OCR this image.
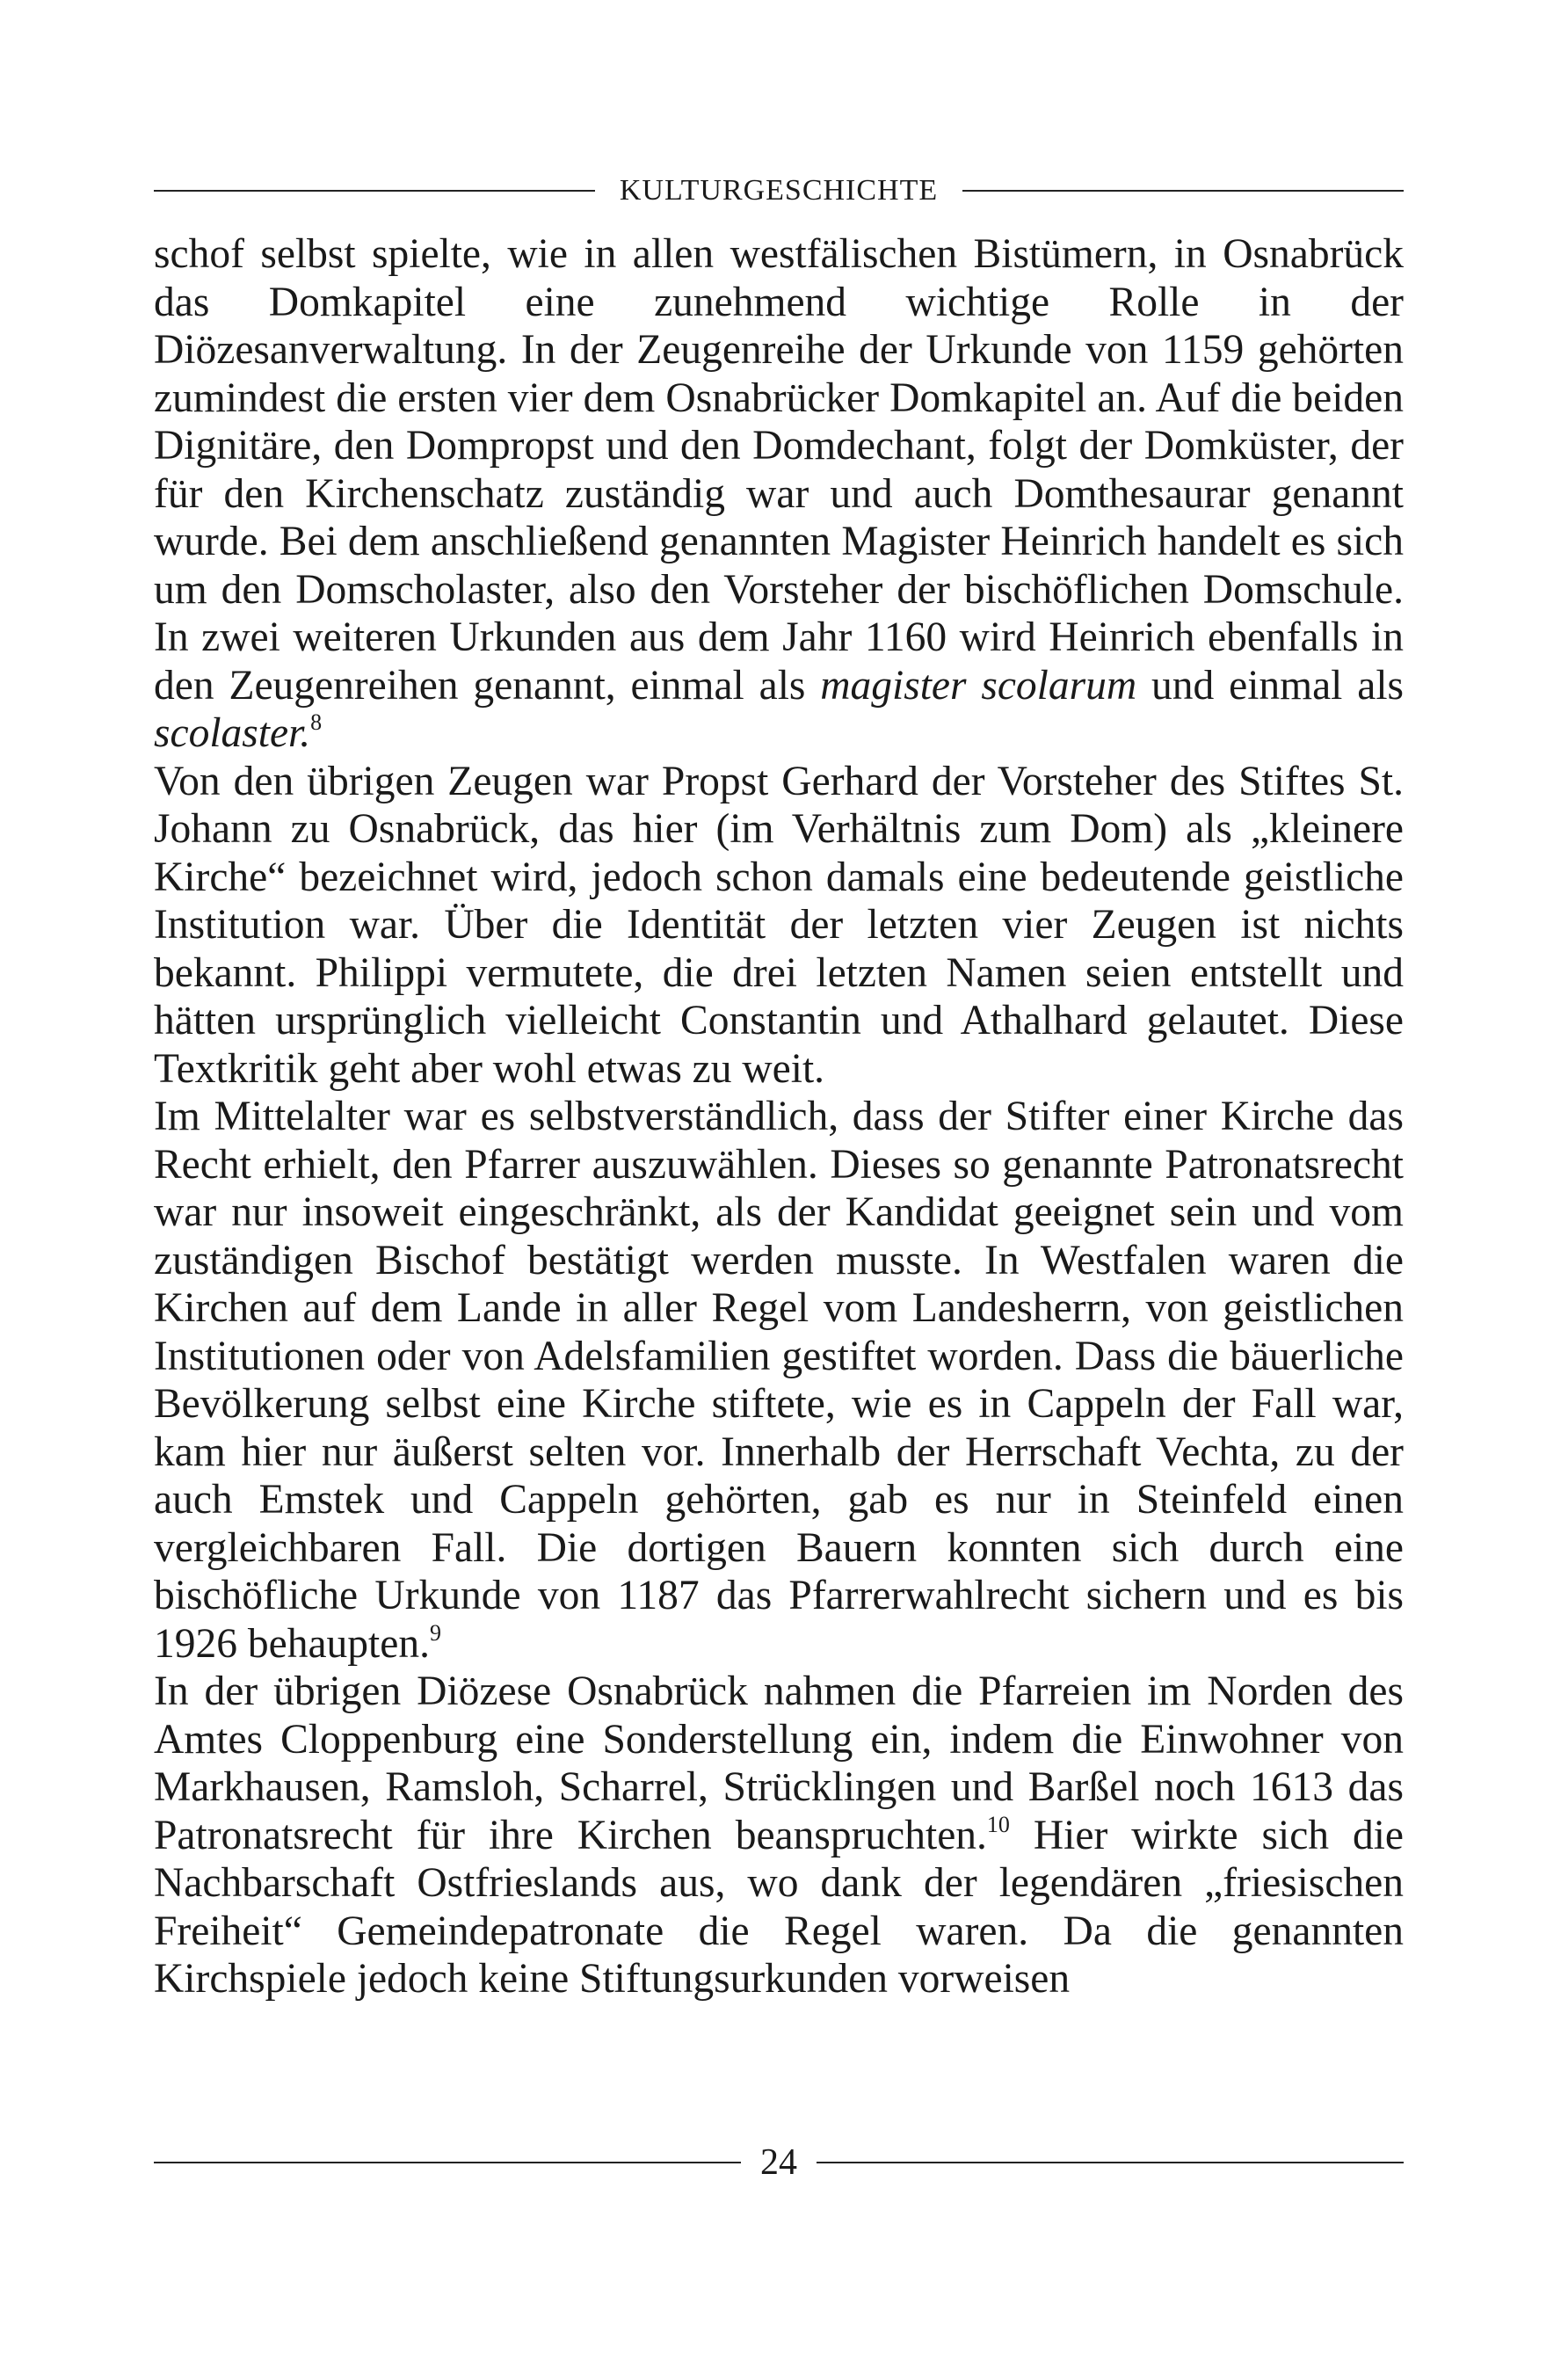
KULTURGESCHICHTE

schof selbst spielte, wie in allen westfälischen Bistümern, in Osnabrück das Domkapitel eine zunehmend wichtige Rolle in der Diözesanverwaltung. In der Zeugenreihe der Urkunde von 1159 gehörten zumindest die ersten vier dem Osnabrücker Domkapitel an. Auf die beiden Dignitäre, den Dompropst und den Domdechant, folgt der Domküster, der für den Kirchenschatz zuständig war und auch Domthesaurar genannt wurde. Bei dem anschließend genannten Magister Heinrich handelt es sich um den Domscholaster, also den Vorsteher der bischöflichen Domschule. In zwei weiteren Urkunden aus dem Jahr 1160 wird Heinrich ebenfalls in den Zeugenreihen genannt, einmal als magister scolarum und einmal als scolaster.$^8$

Von den übrigen Zeugen war Propst Gerhard der Vorsteher des Stiftes St. Johann zu Osnabrück, das hier (im Verhältnis zum Dom) als „kleinere Kirche“ bezeichnet wird, jedoch schon damals eine bedeutende geistliche Institution war. Über die Identität der letzten vier Zeugen ist nichts bekannt. Philippi vermutete, die drei letzten Namen seien entstellt und hätten ursprünglich vielleicht Constantin und Athalhard gelautet. Diese Textkritik geht aber wohl etwas zu weit.

Im Mittelalter war es selbstverständlich, dass der Stifter einer Kirche das Recht erhielt, den Pfarrer auszuwählen. Dieses so genannte Patronatsrecht war nur insoweit eingeschränkt, als der Kandidat geeignet sein und vom zuständigen Bischof bestätigt werden musste. In Westfalen waren die Kirchen auf dem Lande in aller Regel vom Landesherrn, von geistlichen Institutionen oder von Adelsfamilien gestiftet worden. Dass die bäuerliche Bevölkerung selbst eine Kirche stiftete, wie es in Cappeln der Fall war, kam hier nur äußerst selten vor. Innerhalb der Herrschaft Vechta, zu der auch Emstek und Cappeln gehörten, gab es nur in Steinfeld einen vergleichbaren Fall. Die dortigen Bauern konnten sich durch eine bischöfliche Urkunde von 1187 das Pfarrerwahlrecht sichern und es bis 1926 behaupten.$^9$

In der übrigen Diözese Osnabrück nahmen die Pfarreien im Norden des Amtes Cloppenburg eine Sonderstellung ein, indem die Einwohner von Markhausen, Ramsloh, Scharrel, Strücklingen und Barßel noch 1613 das Patronatsrecht für ihre Kirchen beanspruchten.$^{10}$ Hier wirkte sich die Nachbarschaft Ostfrieslands aus, wo dank der legendären „friesischen Freiheit“ Gemeindepatronate die Regel waren. Da die genannten Kirchspiele jedoch keine Stiftungsurkunden vorweisen

24
